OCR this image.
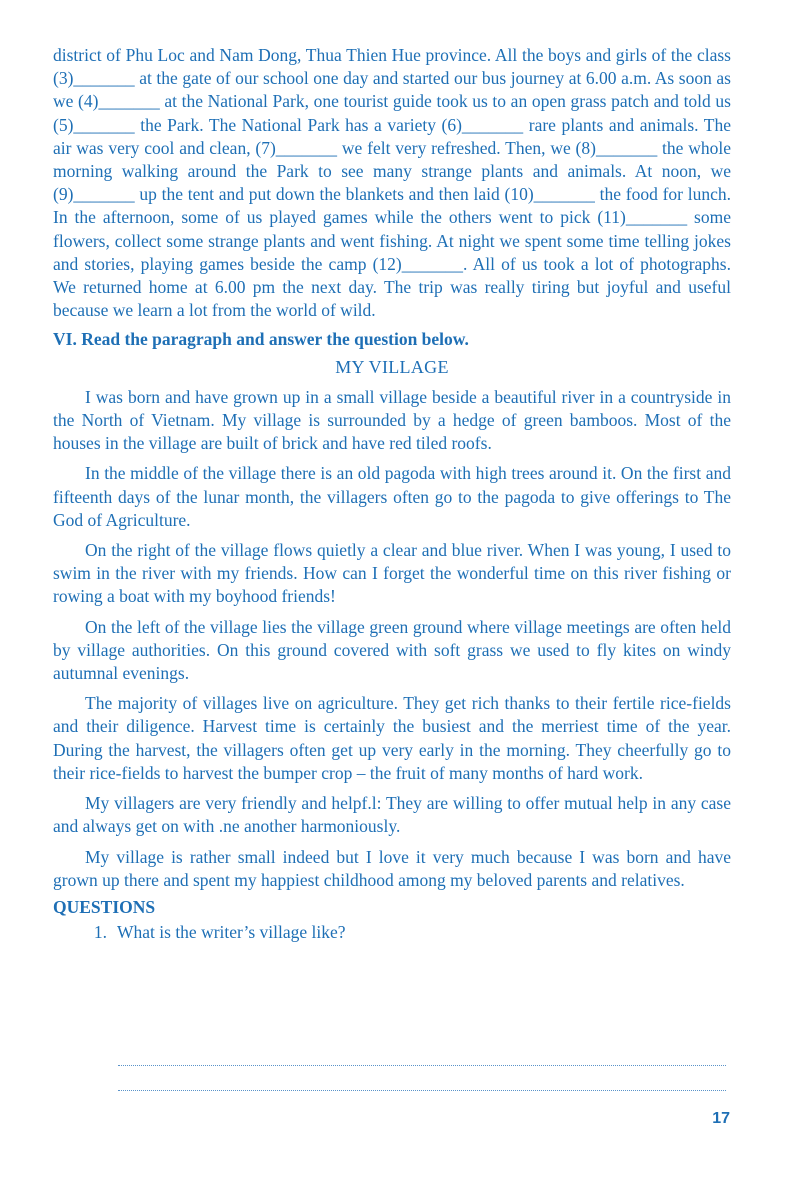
district of Phu Loc and Nam Dong, Thua Thien Hue province. All the boys and girls of the class (3)_______ at the gate of our school one day and started our bus journey at 6.00 a.m. As soon as we (4)_______ at the National Park, one tourist guide took us to an open grass patch and told us (5)_______ the Park. The National Park has a variety (6)_______ rare plants and animals. The air was very cool and clean, (7)_______ we felt very refreshed. Then, we (8)_______ the whole morning walking around the Park to see many strange plants and animals. At noon, we (9)_______ up the tent and put down the blankets and then laid (10)_______ the food for lunch. In the afternoon, some of us played games while the others went to pick (11)_______ some flowers, collect some strange plants and went fishing. At night we spent some time telling jokes and stories, playing games beside the camp (12)_______. All of us took a lot of photographs. We returned home at 6.00 pm the next day. The trip was really tiring but joyful and useful because we learn a lot from the world of wild.

VI. Read the paragraph and answer the question below.

MY VILLAGE

I was born and have grown up in a small village beside a beautiful river in a countryside in the North of Vietnam. My village is surrounded by a hedge of green bamboos. Most of the houses in the village are built of brick and have red tiled roofs.

In the middle of the village there is an old pagoda with high trees around it. On the first and fifteenth days of the lunar month, the villagers often go to the pagoda to give offerings to The God of Agriculture.

On the right of the village flows quietly a clear and blue river. When I was young, I used to swim in the river with my friends. How can I forget the wonderful time on this river fishing or rowing a boat with my boyhood friends!

On the left of the village lies the village green ground where village meetings are often held by village authorities. On this ground covered with soft grass we used to fly kites on windy autumnal evenings.

The majority of villages live on agriculture. They get rich thanks to their fertile rice-fields and their diligence. Harvest time is certainly the busiest and the merriest time of the year. During the harvest, the villagers often get up very early in the morning. They cheerfully go to their rice-fields to harvest the bumper crop – the fruit of many months of hard work.

My villagers are very friendly and helpf.l: They are willing to offer mutual help in any case and always get on with .ne another harmoniously.

My village is rather small indeed but I love it very much because I was born and have grown up there and spent my happiest childhood among my beloved parents and relatives.

QUESTIONS

1. What is the writer’s village like?
17
